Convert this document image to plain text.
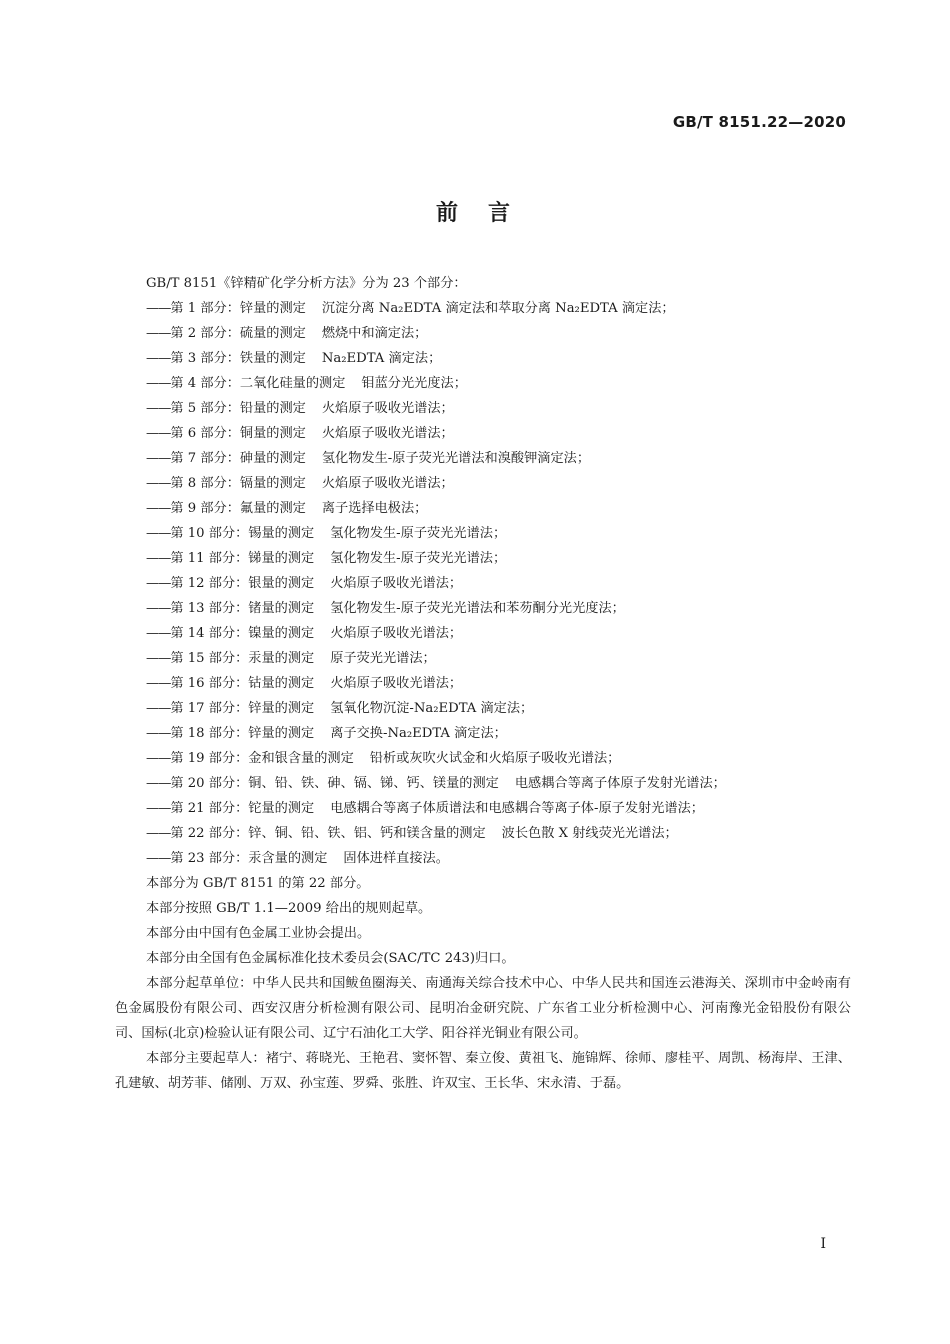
GB/T 8151.22—2020
前　言
GB/T 8151《锌精矿化学分析方法》分为 23 个部分：
——第 1 部分：锌量的测定 沉淀分离 Na₂EDTA 滴定法和萃取分离 Na₂EDTA 滴定法；
——第 2 部分：硫量的测定 燃烧中和滴定法；
——第 3 部分：铁量的测定 Na₂EDTA 滴定法；
——第 4 部分：二氧化硅量的测定 钼蓝分光光度法；
——第 5 部分：铅量的测定 火焰原子吸收光谱法；
——第 6 部分：铜量的测定 火焰原子吸收光谱法；
——第 7 部分：砷量的测定 氢化物发生-原子荧光光谱法和溴酸钾滴定法；
——第 8 部分：镉量的测定 火焰原子吸收光谱法；
——第 9 部分：氟量的测定 离子选择电极法；
——第 10 部分：锡量的测定 氢化物发生-原子荧光光谱法；
——第 11 部分：锑量的测定 氢化物发生-原子荧光光谱法；
——第 12 部分：银量的测定 火焰原子吸收光谱法；
——第 13 部分：锗量的测定 氢化物发生-原子荧光光谱法和苯芴酮分光光度法；
——第 14 部分：镍量的测定 火焰原子吸收光谱法；
——第 15 部分：汞量的测定 原子荧光光谱法；
——第 16 部分：钴量的测定 火焰原子吸收光谱法；
——第 17 部分：锌量的测定 氢氧化物沉淀-Na₂EDTA 滴定法；
——第 18 部分：锌量的测定 离子交换-Na₂EDTA 滴定法；
——第 19 部分：金和银含量的测定 铅析或灰吹火试金和火焰原子吸收光谱法；
——第 20 部分：铜、铅、铁、砷、镉、锑、钙、镁量的测定 电感耦合等离子体原子发射光谱法；
——第 21 部分：铊量的测定 电感耦合等离子体质谱法和电感耦合等离子体-原子发射光谱法；
——第 22 部分：锌、铜、铅、铁、铝、钙和镁含量的测定 波长色散 X 射线荧光光谱法；
——第 23 部分：汞含量的测定 固体进样直接法。
本部分为 GB/T 8151 的第 22 部分。
本部分按照 GB/T 1.1—2009 给出的规则起草。
本部分由中国有色金属工业协会提出。
本部分由全国有色金属标准化技术委员会(SAC/TC 243)归口。
本部分起草单位：中华人民共和国鲅鱼圈海关、南通海关综合技术中心、中华人民共和国连云港海关、深圳市中金岭南有色金属股份有限公司、西安汉唐分析检测有限公司、昆明冶金研究院、广东省工业分析检测中心、河南豫光金铅股份有限公司、国标(北京)检验认证有限公司、辽宁石油化工大学、阳谷祥光铜业有限公司。
本部分主要起草人：褚宁、蒋晓光、王艳君、窦怀智、秦立俊、黄祖飞、施锦辉、徐师、廖桂平、周凯、杨海岸、王津、孔建敏、胡芳菲、储刚、万双、孙宝莲、罗舜、张胜、许双宝、王长华、宋永清、于磊。
I
